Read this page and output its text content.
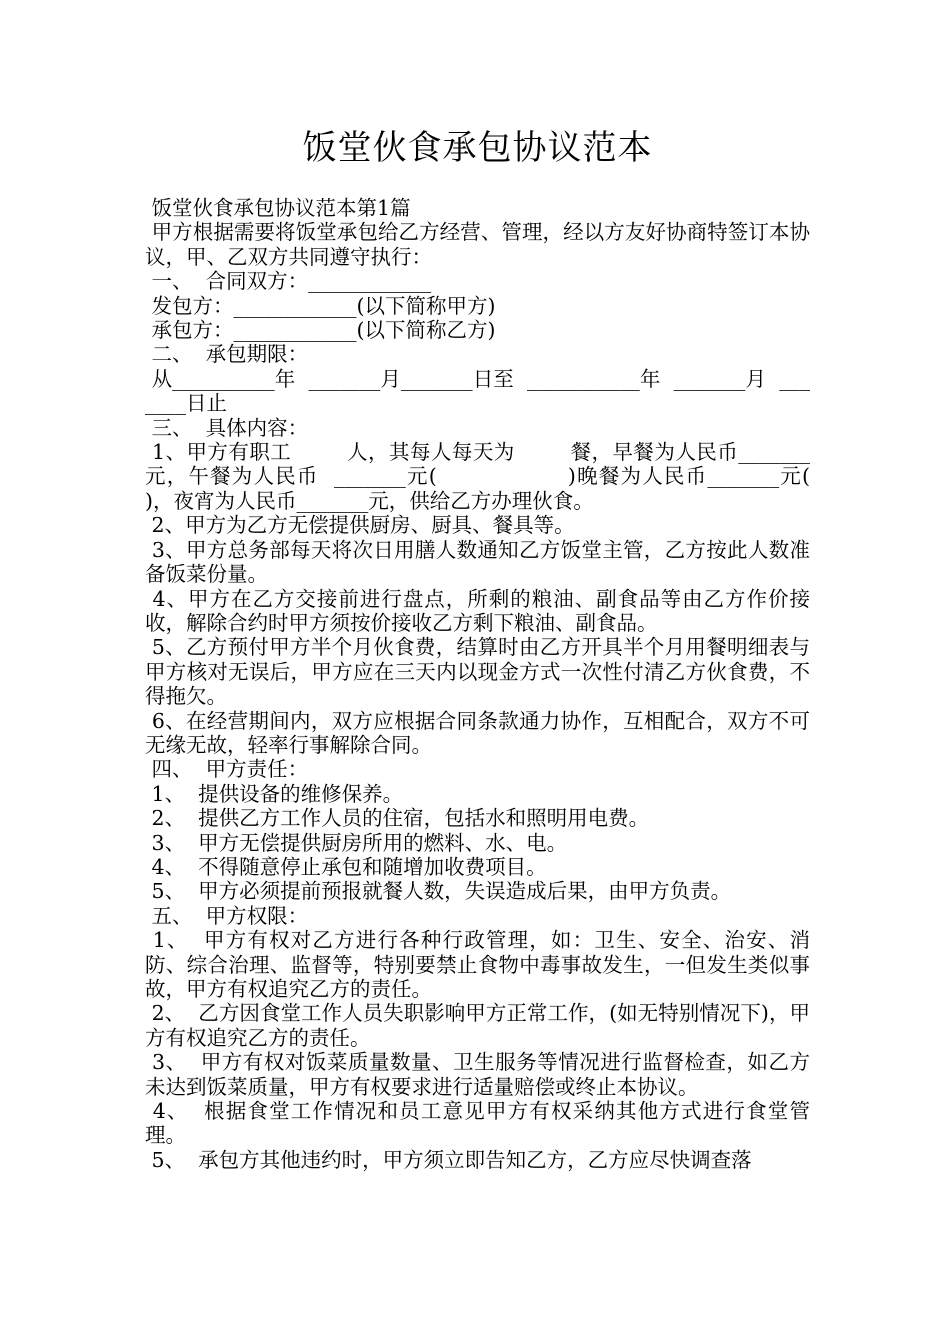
饭堂伙食承包协议范本

饭堂伙食承包协议范本第1篇

甲方根据需要将饭堂承包给乙方经营、管理，经以方友好协商特签订本协议，甲、乙双方共同遵守执行：

一、  合同双方：____________

发包方：____________(以下简称甲方)

承包方：____________(以下简称乙方)

二、  承包期限：

从__________年  _______月_______日至  ___________年  _______月  _______日止

三、  具体内容：

1、甲方有职工        人，其每人每天为        餐，早餐为人民币_______元，午餐为人民币  _______元(                 )晚餐为人民币_______元(                   )，夜宵为人民币_______元，供给乙方办理伙食。

2、甲方为乙方无偿提供厨房、厨具、餐具等。

3、甲方总务部每天将次日用膳人数通知乙方饭堂主管，乙方按此人数准备饭菜份量。

4、甲方在乙方交接前进行盘点，所剩的粮油、副食品等由乙方作价接收，解除合约时甲方须按价接收乙方剩下粮油、副食品。

5、乙方预付甲方半个月伙食费，结算时由乙方开具半个月用餐明细表与甲方核对无误后，甲方应在三天内以现金方式一次性付清乙方伙食费，不得拖欠。

6、在经营期间内，双方应根据合同条款通力协作，互相配合，双方不可无缘无故，轻率行事解除合同。

四、  甲方责任：

1、  提供设备的维修保养。

2、  提供乙方工作人员的住宿，包括水和照明用电费。

3、  甲方无偿提供厨房所用的燃料、水、电。

4、  不得随意停止承包和随增加收费项目。

5、  甲方必须提前预报就餐人数，失误造成后果，由甲方负责。

五、  甲方权限：

1、  甲方有权对乙方进行各种行政管理，如：卫生、安全、治安、消防、综合治理、监督等，特别要禁止食物中毒事故发生，一但发生类似事故，甲方有权追究乙方的责任。

2、  乙方因食堂工作人员失职影响甲方正常工作，(如无特别情况下)，甲方有权追究乙方的责任。

3、  甲方有权对饭菜质量数量、卫生服务等情况进行监督检查，如乙方未达到饭菜质量，甲方有权要求进行适量赔偿或终止本协议。

4、  根据食堂工作情况和员工意见甲方有权采纳其他方式进行食堂管理。

5、  承包方其他违约时，甲方须立即告知乙方，乙方应尽快调查落
